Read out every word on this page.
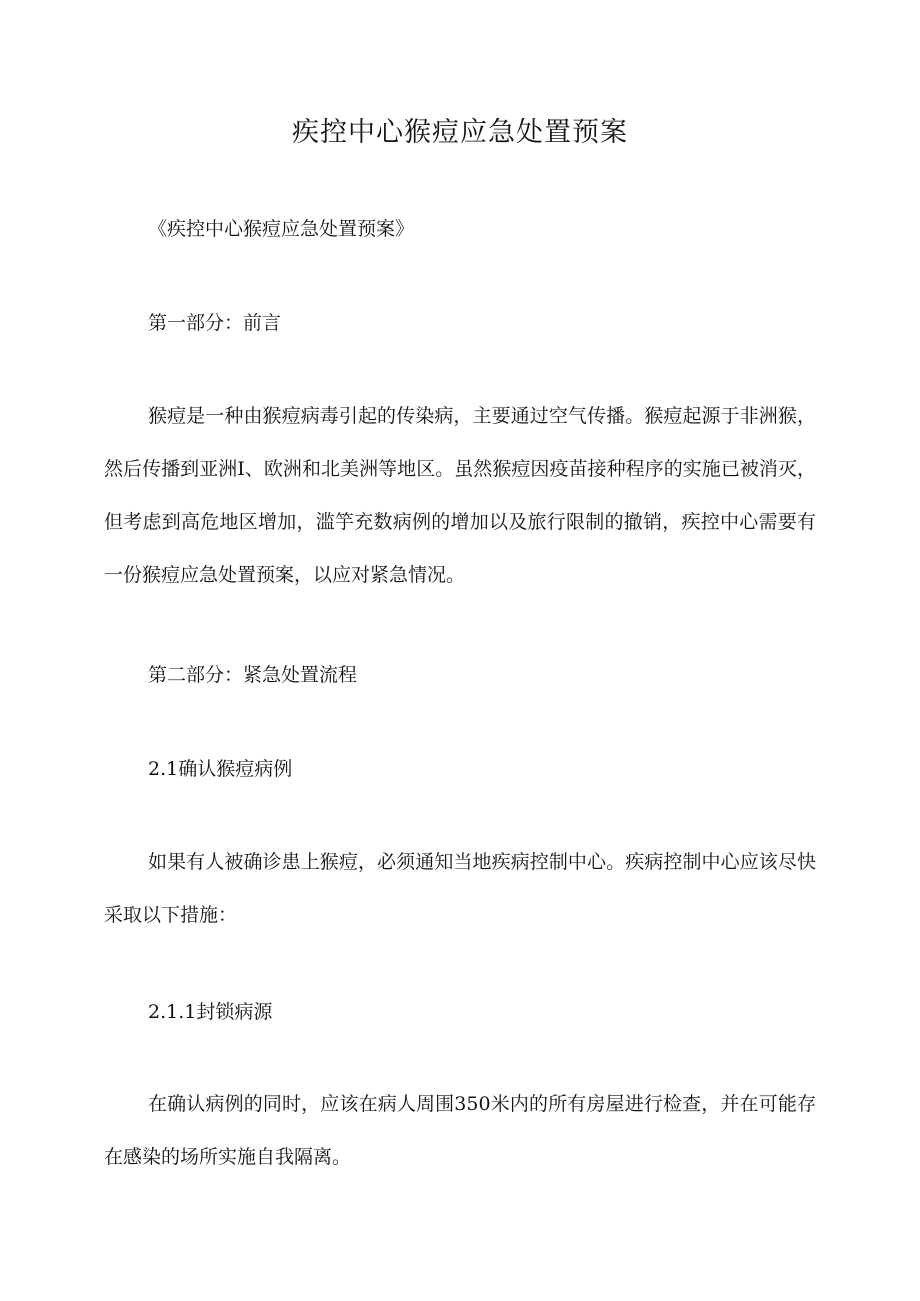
疾控中心猴痘应急处置预案
《疾控中心猴痘应急处置预案》
第一部分：前言
猴痘是一种由猴痘病毒引起的传染病，主要通过空气传播。猴痘起源于非洲猴，然后传播到亚洲I、欧洲和北美洲等地区。虽然猴痘因疫苗接种程序的实施已被消灭，但考虑到高危地区增加，滥竽充数病例的增加以及旅行限制的撤销，疾控中心需要有一份猴痘应急处置预案，以应对紧急情况。
第二部分：紧急处置流程
2.1确认猴痘病例
如果有人被确诊患上猴痘，必须通知当地疾病控制中心。疾病控制中心应该尽快采取以下措施：
2.1.1封锁病源
在确认病例的同时，应该在病人周围350米内的所有房屋进行检查，并在可能存在感染的场所实施自我隔离。
